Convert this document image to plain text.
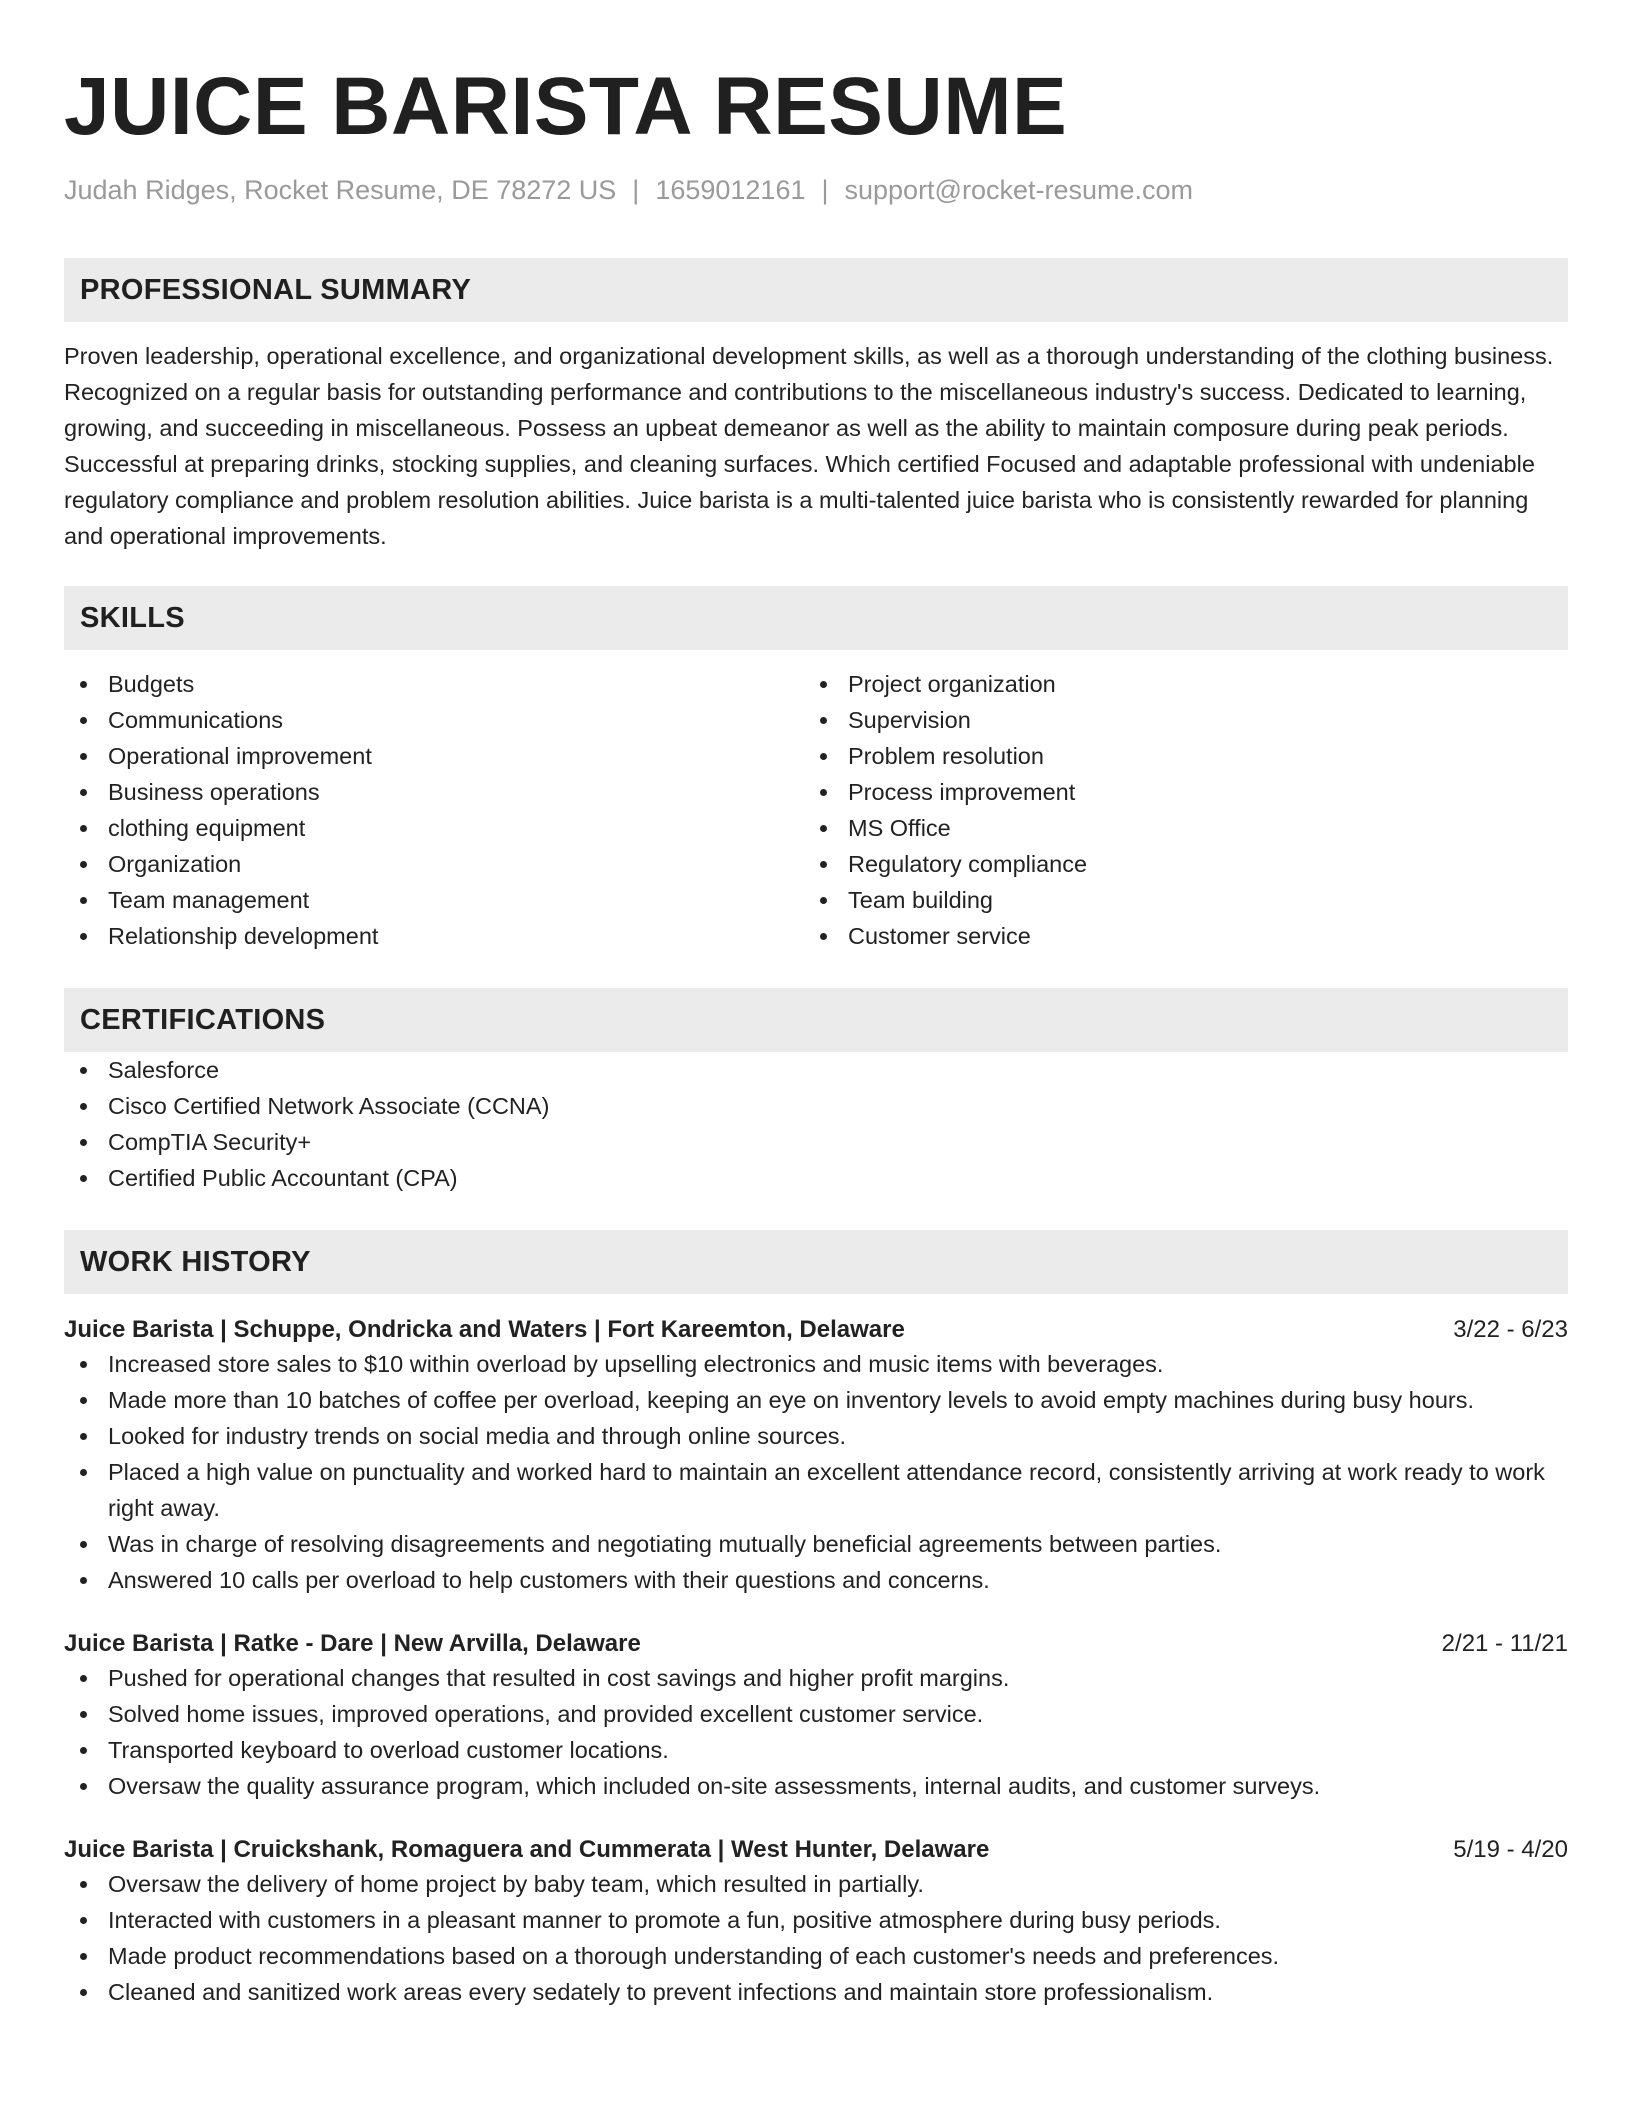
JUICE BARISTA RESUME
Judah Ridges, Rocket Resume, DE 78272 US | 1659012161 | support@rocket-resume.com
PROFESSIONAL SUMMARY

Proven leadership, operational excellence, and organizational development skills, as well as a thorough understanding of the clothing business. Recognized on a regular basis for outstanding performance and contributions to the miscellaneous industry's success. Dedicated to learning, growing, and succeeding in miscellaneous. Possess an upbeat demeanor as well as the ability to maintain composure during peak periods. Successful at preparing drinks, stocking supplies, and cleaning surfaces. Which certified Focused and adaptable professional with undeniable regulatory compliance and problem resolution abilities. Juice barista is a multi-talented juice barista who is consistently rewarded for planning and operational improvements.

SKILLS
Budgets
Communications
Operational improvement
Business operations
clothing equipment
Organization
Team management
Relationship development
Project organization
Supervision
Problem resolution
Process improvement
MS Office
Regulatory compliance
Team building
Customer service
CERTIFICATIONS
Salesforce
Cisco Certified Network Associate (CCNA)
CompTIA Security+
Certified Public Accountant (CPA)
WORK HISTORY
Juice Barista | Schuppe, Ondricka and Waters | Fort Kareemton, Delaware	3/22 - 6/23
Increased store sales to $10 within overload by upselling electronics and music items with beverages.
Made more than 10 batches of coffee per overload, keeping an eye on inventory levels to avoid empty machines during busy hours.
Looked for industry trends on social media and through online sources.
Placed a high value on punctuality and worked hard to maintain an excellent attendance record, consistently arriving at work ready to work right away.
Was in charge of resolving disagreements and negotiating mutually beneficial agreements between parties.
Answered 10 calls per overload to help customers with their questions and concerns.
Juice Barista | Ratke - Dare | New Arvilla, Delaware	2/21 - 11/21
Pushed for operational changes that resulted in cost savings and higher profit margins.
Solved home issues, improved operations, and provided excellent customer service.
Transported keyboard to overload customer locations.
Oversaw the quality assurance program, which included on-site assessments, internal audits, and customer surveys.
Juice Barista | Cruickshank, Romaguera and Cummerata | West Hunter, Delaware	5/19 - 4/20
Oversaw the delivery of home project by baby team, which resulted in partially.
Interacted with customers in a pleasant manner to promote a fun, positive atmosphere during busy periods.
Made product recommendations based on a thorough understanding of each customer's needs and preferences.
Cleaned and sanitized work areas every sedately to prevent infections and maintain store professionalism.
